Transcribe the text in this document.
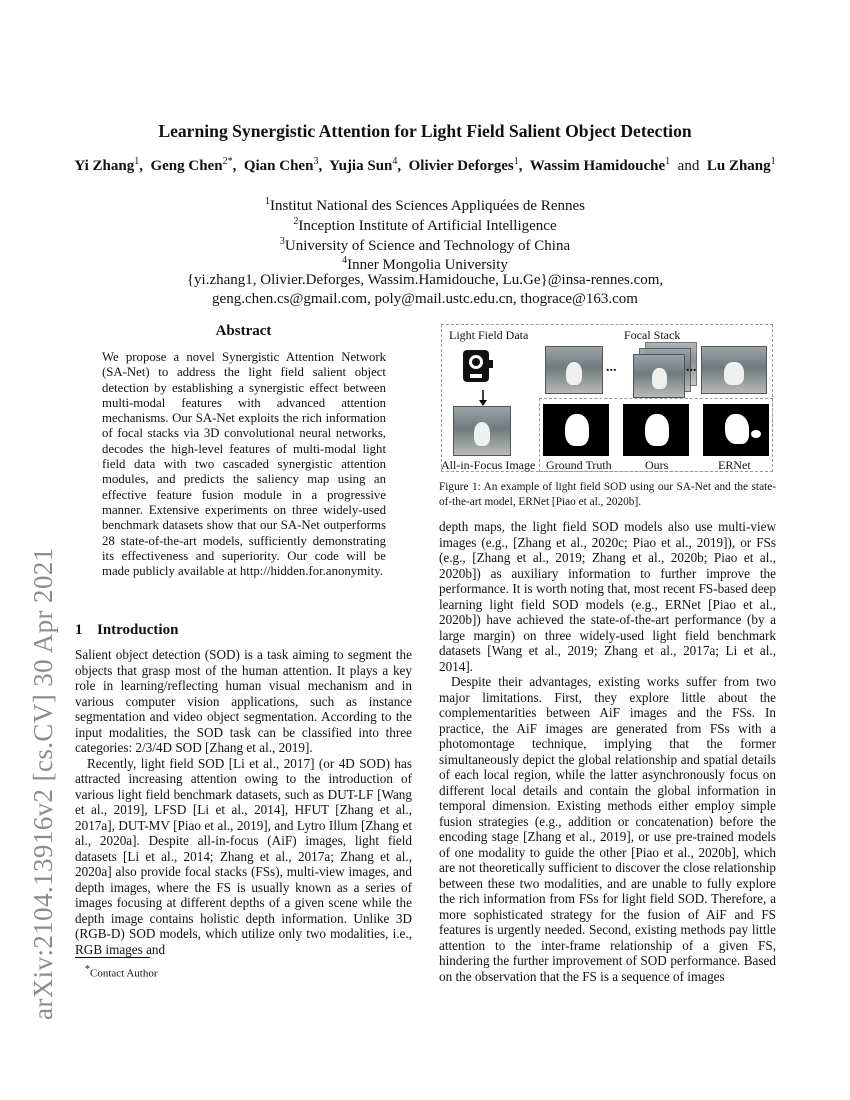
arXiv:2104.13916v2 [cs.CV] 30 Apr 2021
Learning Synergistic Attention for Light Field Salient Object Detection
Yi Zhang$^1$,  Geng Chen$^{2*}$,  Qian Chen$^3$,  Yujia Sun$^4$,  Olivier Deforges$^1$,  Wassim Hamidouche$^1$ and Lu Zhang$^1$
$^1$Institut National des Sciences Appliquées de Rennes
$^2$Inception Institute of Artificial Intelligence
$^3$University of Science and Technology of China
$^4$Inner Mongolia University
{yi.zhang1, Olivier.Deforges, Wassim.Hamidouche, Lu.Ge}@insa-rennes.com,
geng.chen.cs@gmail.com, poly@mail.ustc.edu.cn, thograce@163.com
Abstract

We propose a novel Synergistic Attention Network (SA-Net) to address the light field salient object detection by establishing a synergistic effect between multi-modal features with advanced attention mechanisms. Our SA-Net exploits the rich information of focal stacks via 3D convolutional neural networks, decodes the high-level features of multi-modal light field data with two cascaded synergistic attention modules, and predicts the saliency map using an effective feature fusion module in a progressive manner. Extensive experiments on three widely-used benchmark datasets show that our SA-Net outperforms 28 state-of-the-art models, sufficiently demonstrating its effectiveness and superiority. Our code will be made publicly available at http://hidden.for.anonymity.

1 Introduction

Salient object detection (SOD) is a task aiming to segment the objects that grasp most of the human attention. It plays a key role in learning/reflecting human visual mechanism and in various computer vision applications, such as instance segmentation and video object segmentation. According to the input modalities, the SOD task can be classified into three categories: 2/3/4D SOD [Zhang et al., 2019].

Recently, light field SOD [Li et al., 2017] (or 4D SOD) has attracted increasing attention owing to the introduction of various light field benchmark datasets, such as DUT-LF [Wang et al., 2019], LFSD [Li et al., 2014], HFUT [Zhang et al., 2017a], DUT-MV [Piao et al., 2019], and Lytro Illum [Zhang et al., 2020a]. Despite all-in-focus (AiF) images, light field datasets [Li et al., 2014; Zhang et al., 2017a; Zhang et al., 2020a] also provide focal stacks (FSs), multi-view images, and depth images, where the FS is usually known as a series of images focusing at different depths of a given scene while the depth image contains holistic depth information. Unlike 3D (RGB-D) SOD models, which utilize only two modalities, i.e., RGB images and

*Contact Author
Light Field Data	Focal Stack
...	...
All-in-Focus Image Ground Truth	Ours	ERNet
Figure 1: An example of light field SOD using our SA-Net and the state-of-the-art model, ERNet [Piao et al., 2020b].

depth maps, the light field SOD models also use multi-view images (e.g., [Zhang et al., 2020c; Piao et al., 2019]), or FSs (e.g., [Zhang et al., 2019; Zhang et al., 2020b; Piao et al., 2020b]) as auxiliary information to further improve the performance. It is worth noting that, most recent FS-based deep learning light field SOD models (e.g., ERNet [Piao et al., 2020b]) have achieved the state-of-the-art performance (by a large margin) on three widely-used light field benchmark datasets [Wang et al., 2019; Zhang et al., 2017a; Li et al., 2014].

Despite their advantages, existing works suffer from two major limitations. First, they explore little about the complementarities between AiF images and the FSs. In practice, the AiF images are generated from FSs with a photomontage technique, implying that the former simultaneously depict the global relationship and spatial details of each local region, while the latter asynchronously focus on different local details and contain the global information in temporal dimension. Existing methods either employ simple fusion strategies (e.g., addition or concatenation) before the encoding stage [Zhang et al., 2019], or use pre-trained models of one modality to guide the other [Piao et al., 2020b], which are not theoretically sufficient to discover the close relationship between these two modalities, and are unable to fully explore the rich information from FSs for light field SOD. Therefore, a more sophisticated strategy for the fusion of AiF and FS features is urgently needed. Second, existing methods pay little attention to the inter-frame relationship of a given FS, hindering the further improvement of SOD performance. Based on the observation that the FS is a sequence of images
